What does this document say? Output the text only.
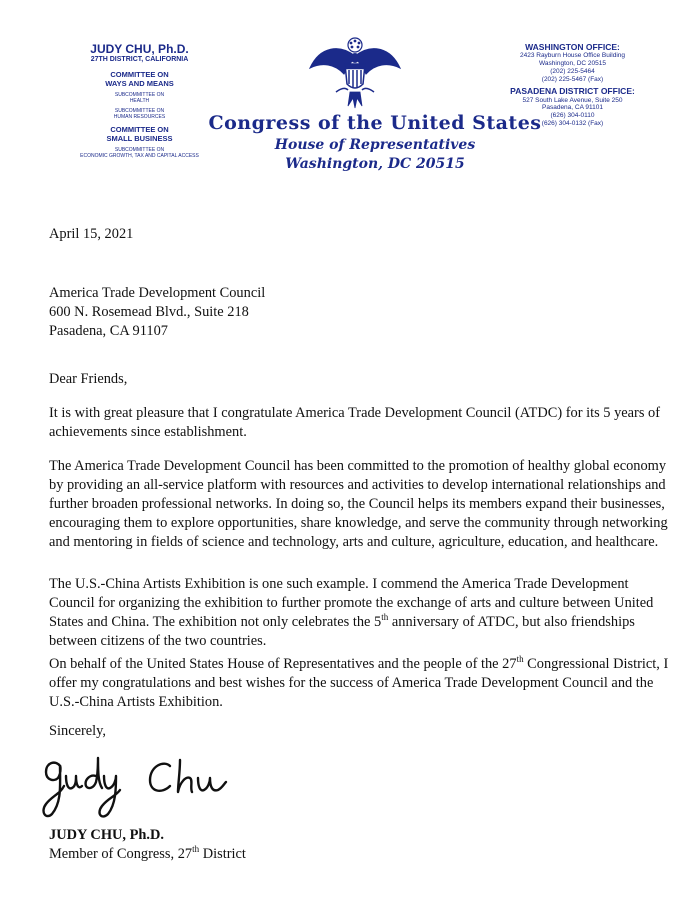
JUDY CHU, Ph.D.
27TH DISTRICT, CALIFORNIA
COMMITTEE ON
WAYS AND MEANS
SUBCOMMITTEE ON
HEALTH
SUBCOMMITTEE ON
HUMAN RESOURCES
COMMITTEE ON
SMALL BUSINESS
SUBCOMMITTEE ON
ECONOMIC GROWTH, TAX AND CAPITAL ACCESS
Congress of the United States
House of Representatives
Washington, DC 20515
WASHINGTON OFFICE:
2423 Rayburn House Office Building
Washington, DC 20515
(202) 225-5464
(202) 225-5467 (Fax)
PASADENA DISTRICT OFFICE:
527 South Lake Avenue, Suite 250
Pasadena, CA 91101
(626) 304-0110
(626) 304-0132 (Fax)
April 15, 2021
America Trade Development Council
600 N. Rosemead Blvd., Suite 218
Pasadena, CA 91107
Dear Friends,

It is with great pleasure that I congratulate America Trade Development Council (ATDC) for its 5 years of achievements since establishment.

The America Trade Development Council has been committed to the promotion of healthy global economy by providing an all-service platform with resources and activities to develop international relationships and further broaden professional networks. In doing so, the Council helps its members expand their businesses, encouraging them to explore opportunities, share knowledge, and serve the community through networking and mentoring in fields of science and technology, arts and culture, agriculture, education, and healthcare.

The U.S.-China Artists Exhibition is one such example. I commend the America Trade Development Council for organizing the exhibition to further promote the exchange of arts and culture between United States and China. The exhibition not only celebrates the 5th anniversary of ATDC, but also friendships between citizens of the two countries.

On behalf of the United States House of Representatives and the people of the 27th Congressional District, I offer my congratulations and best wishes for the success of America Trade Development Council and the U.S.-China Artists Exhibition.

Sincerely,
JUDY CHU, Ph.D.
Member of Congress, 27th District
